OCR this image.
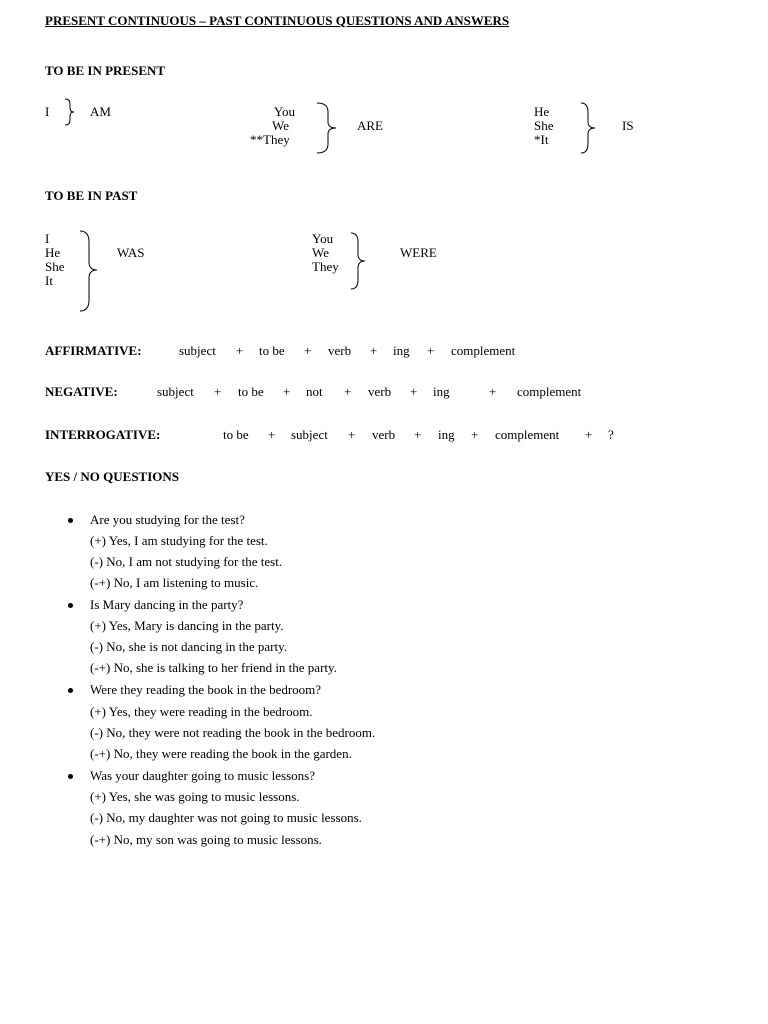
PRESENT CONTINUOUS – PAST CONTINUOUS QUESTIONS AND ANSWERS
TO BE IN PRESENT
I	AM	You
We
**They
ARE
He
She
*It
IS
TO BE IN PAST
I
He
She
It
WAS
You
We
They
WERE
AFFIRMATIVE:	subject + to be + verb + ing + complement
NEGATIVE:	subject + to be + not + verb + ing	+ complement
INTERROGATIVE:	to be + subject + verb + ing + complement + ?
YES / NO QUESTIONS
Are you studying for the test?
(+) Yes, I am studying for the test.
(-) No, I am not studying for the test.
(-+) No, I am listening to music.
Is Mary dancing in the party?
(+) Yes, Mary is dancing in the party.
(-) No, she is not dancing in the party.
(-+) No, she is talking to her friend in the party.
Were they reading the book in the bedroom?
(+) Yes, they were reading in the bedroom.
(-) No, they were not reading the book in the bedroom.
(-+) No, they were reading the book in the garden.
Was your daughter going to music lessons?
(+) Yes, she was going to music lessons.
(-) No, my daughter was not going to music lessons.
(-+) No, my son was going to music lessons.
